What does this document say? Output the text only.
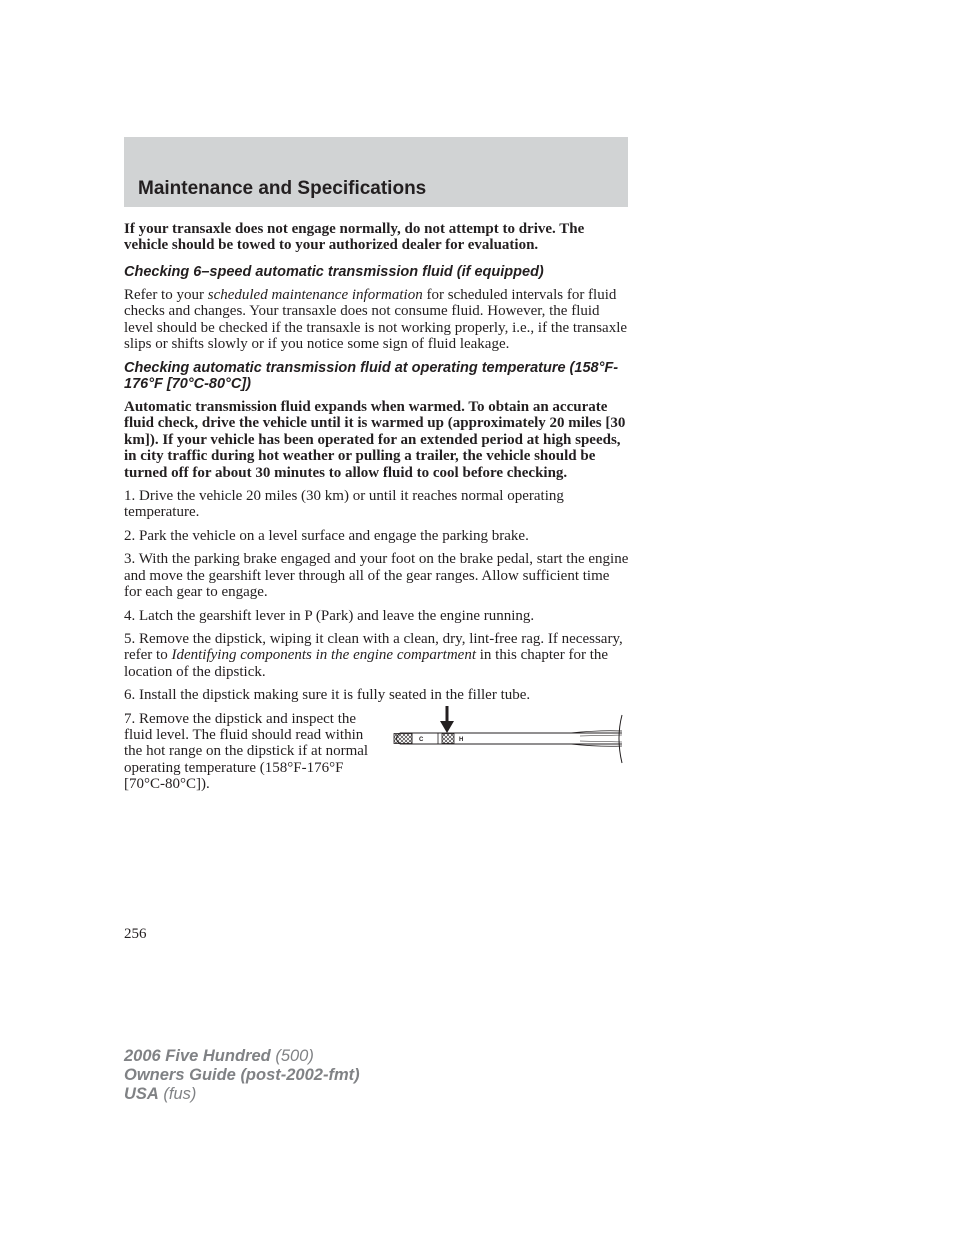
Maintenance and Specifications

If your transaxle does not engage normally, do not attempt to drive. The vehicle should be towed to your authorized dealer for evaluation.

Checking 6–speed automatic transmission fluid (if equipped)

Refer to your scheduled maintenance information for scheduled intervals for fluid checks and changes. Your transaxle does not consume fluid. However, the fluid level should be checked if the transaxle is not working properly, i.e., if the transaxle slips or shifts slowly or if you notice some sign of fluid leakage.

Checking automatic transmission fluid at operating temperature (158°F-176°F [70°C-80°C])

Automatic transmission fluid expands when warmed. To obtain an accurate fluid check, drive the vehicle until it is warmed up (approximately 20 miles [30 km]). If your vehicle has been operated for an extended period at high speeds, in city traffic during hot weather or pulling a trailer, the vehicle should be turned off for about 30 minutes to allow fluid to cool before checking.

1. Drive the vehicle 20 miles (30 km) or until it reaches normal operating temperature.

2. Park the vehicle on a level surface and engage the parking brake.

3. With the parking brake engaged and your foot on the brake pedal, start the engine and move the gearshift lever through all of the gear ranges. Allow sufficient time for each gear to engage.

4. Latch the gearshift lever in P (Park) and leave the engine running.

5. Remove the dipstick, wiping it clean with a clean, dry, lint-free rag. If necessary, refer to Identifying components in the engine compartment in this chapter for the location of the dipstick.

6. Install the dipstick making sure it is fully seated in the filler tube.

7. Remove the dipstick and inspect the fluid level. The fluid should read within the hot range on the dipstick if at normal operating temperature (158°F-176°F [70°C-80°C]).

C	H
256
2006 Five Hundred (500)
Owners Guide (post-2002-fmt)
USA (fus)
